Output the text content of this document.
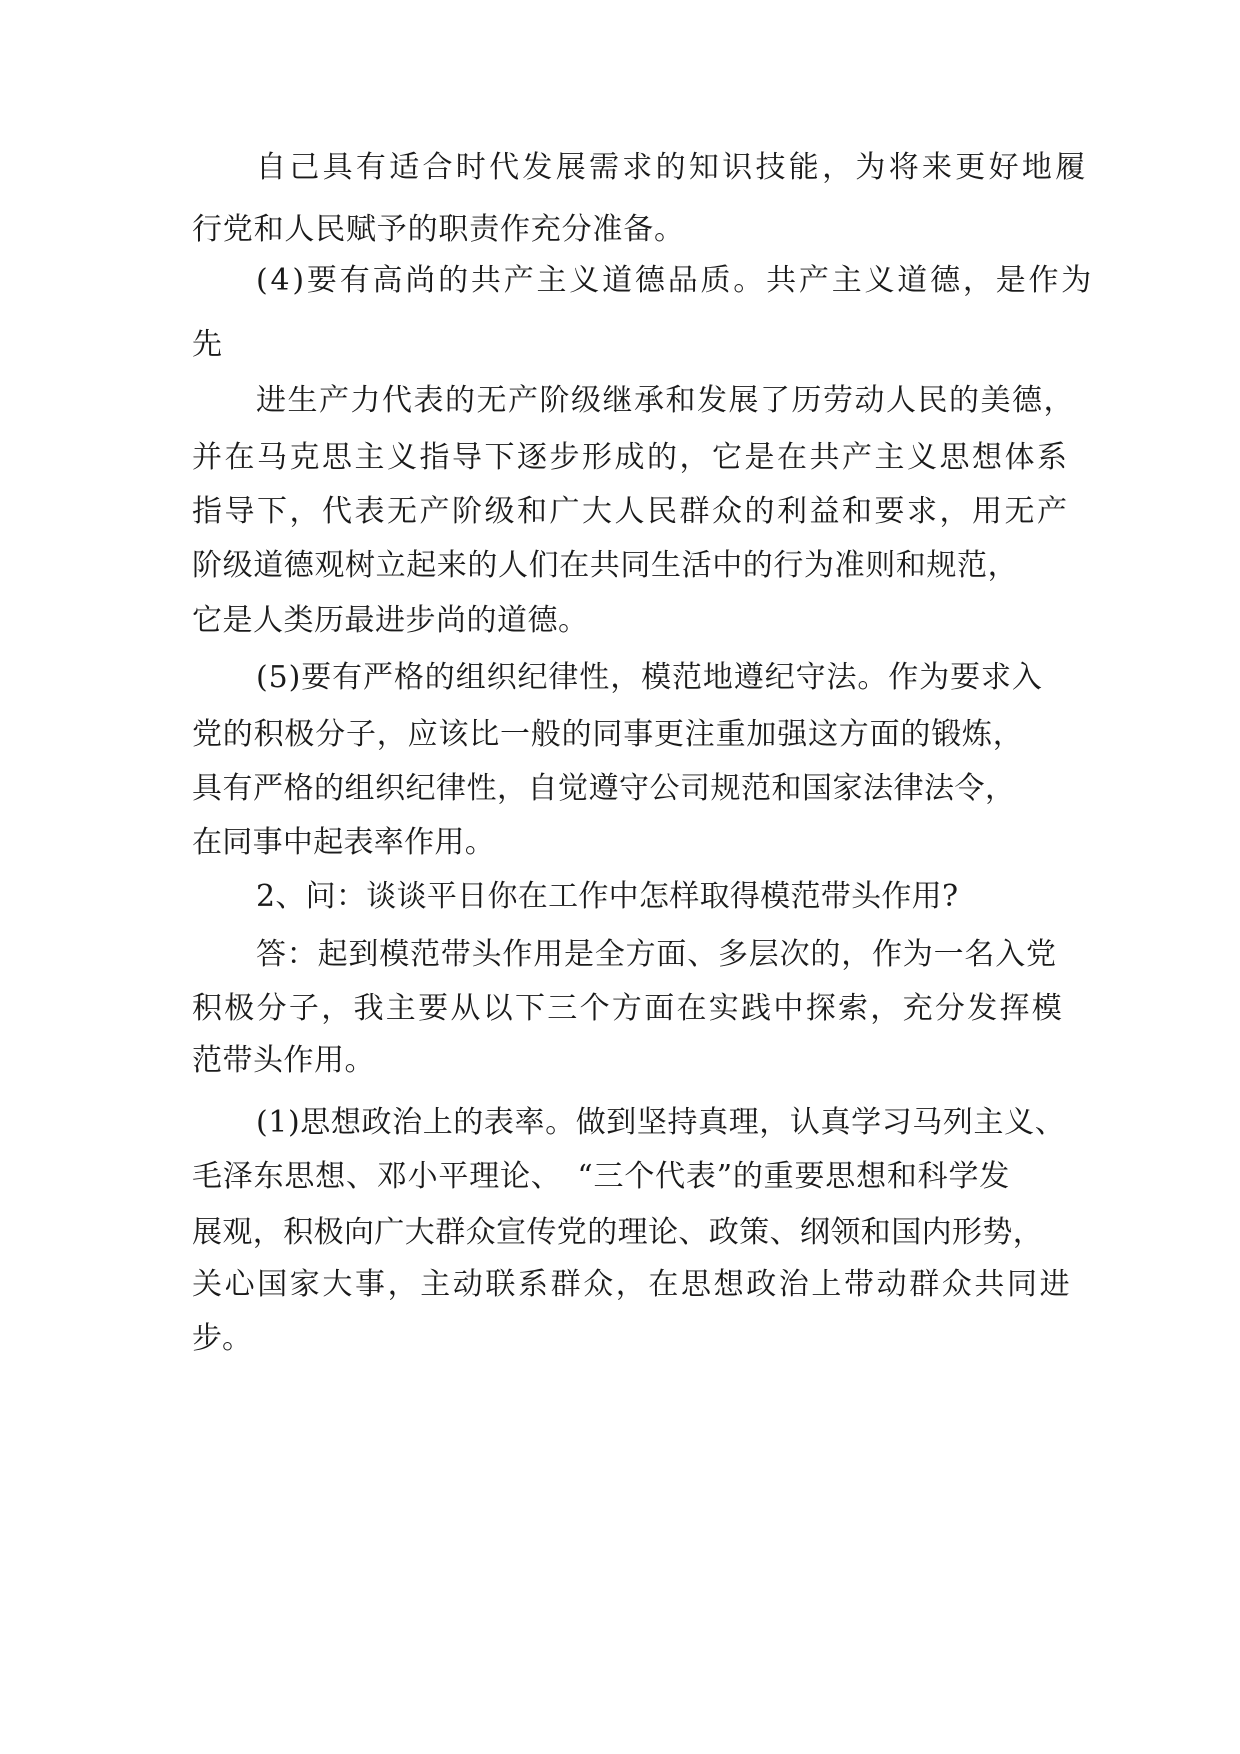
自己具有适合时代发展需求的知识技能，为将来更好地履
行党和人民赋予的职责作充分准备。
(4)要有高尚的共产主义道德品质。共产主义道德，是作为
先
进生产力代表的无产阶级继承和发展了历劳动人民的美德，
并在马克思主义指导下逐步形成的，它是在共产主义思想体系
指导下，代表无产阶级和广大人民群众的利益和要求，用无产
阶级道德观树立起来的人们在共同生活中的行为准则和规范，
它是人类历最进步尚的道德。
(5)要有严格的组织纪律性，模范地遵纪守法。作为要求入
党的积极分子，应该比一般的同事更注重加强这方面的锻炼，
具有严格的组织纪律性，自觉遵守公司规范和国家法律法令，
在同事中起表率作用。
2、问：谈谈平日你在工作中怎样取得模范带头作用?
答：起到模范带头作用是全方面、多层次的，作为一名入党
积极分子，我主要从以下三个方面在实践中探索，充分发挥模
范带头作用。
(1)思想政治上的表率。做到坚持真理，认真学习马列主义、
毛泽东思想、邓小平理论、　“三个代表”的重要思想和科学发
展观，积极向广大群众宣传党的理论、政策、纲领和国内形势，
关心国家大事，主动联系群众，在思想政治上带动群众共同进
步。
